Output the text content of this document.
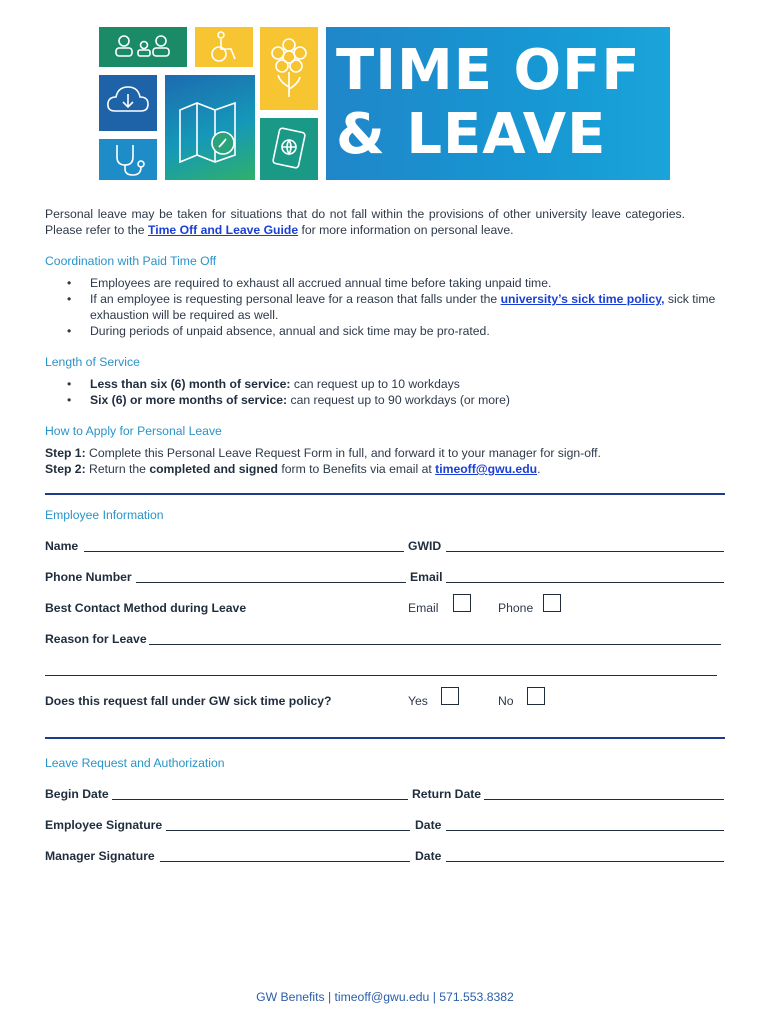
TIME OFF
& LEAVE
Personal leave may be taken for situations that do not fall within the provisions of other university leave categories. Please refer to the Time Off and Leave Guide for more information on personal leave.
Coordination with Paid Time Off
• Employees are required to exhaust all accrued annual time before taking unpaid time.
• If an employee is requesting personal leave for a reason that falls under the university’s sick time policy, sick time exhaustion will be required as well.
• During periods of unpaid absence, annual and sick time may be pro-rated.
Length of Service
• Less than six (6) month of service: can request up to 10 workdays
• Six (6) or more months of service: can request up to 90 workdays (or more)
How to Apply for Personal Leave
Step 1: Complete this Personal Leave Request Form in full, and forward it to your manager for sign-off.
Step 2: Return the completed and signed form to Benefits via email at timeoff@gwu.edu.
Employee Information
Name	GWID
Phone Number	Email
Best Contact Method during Leave	Email	Phone
Reason for Leave
Does this request fall under GW sick time policy?	Yes	No
Leave Request and Authorization
Begin Date	Return Date
Employee Signature	Date
Manager Signature	Date
GW Benefits | timeoff@gwu.edu | 571.553.8382
